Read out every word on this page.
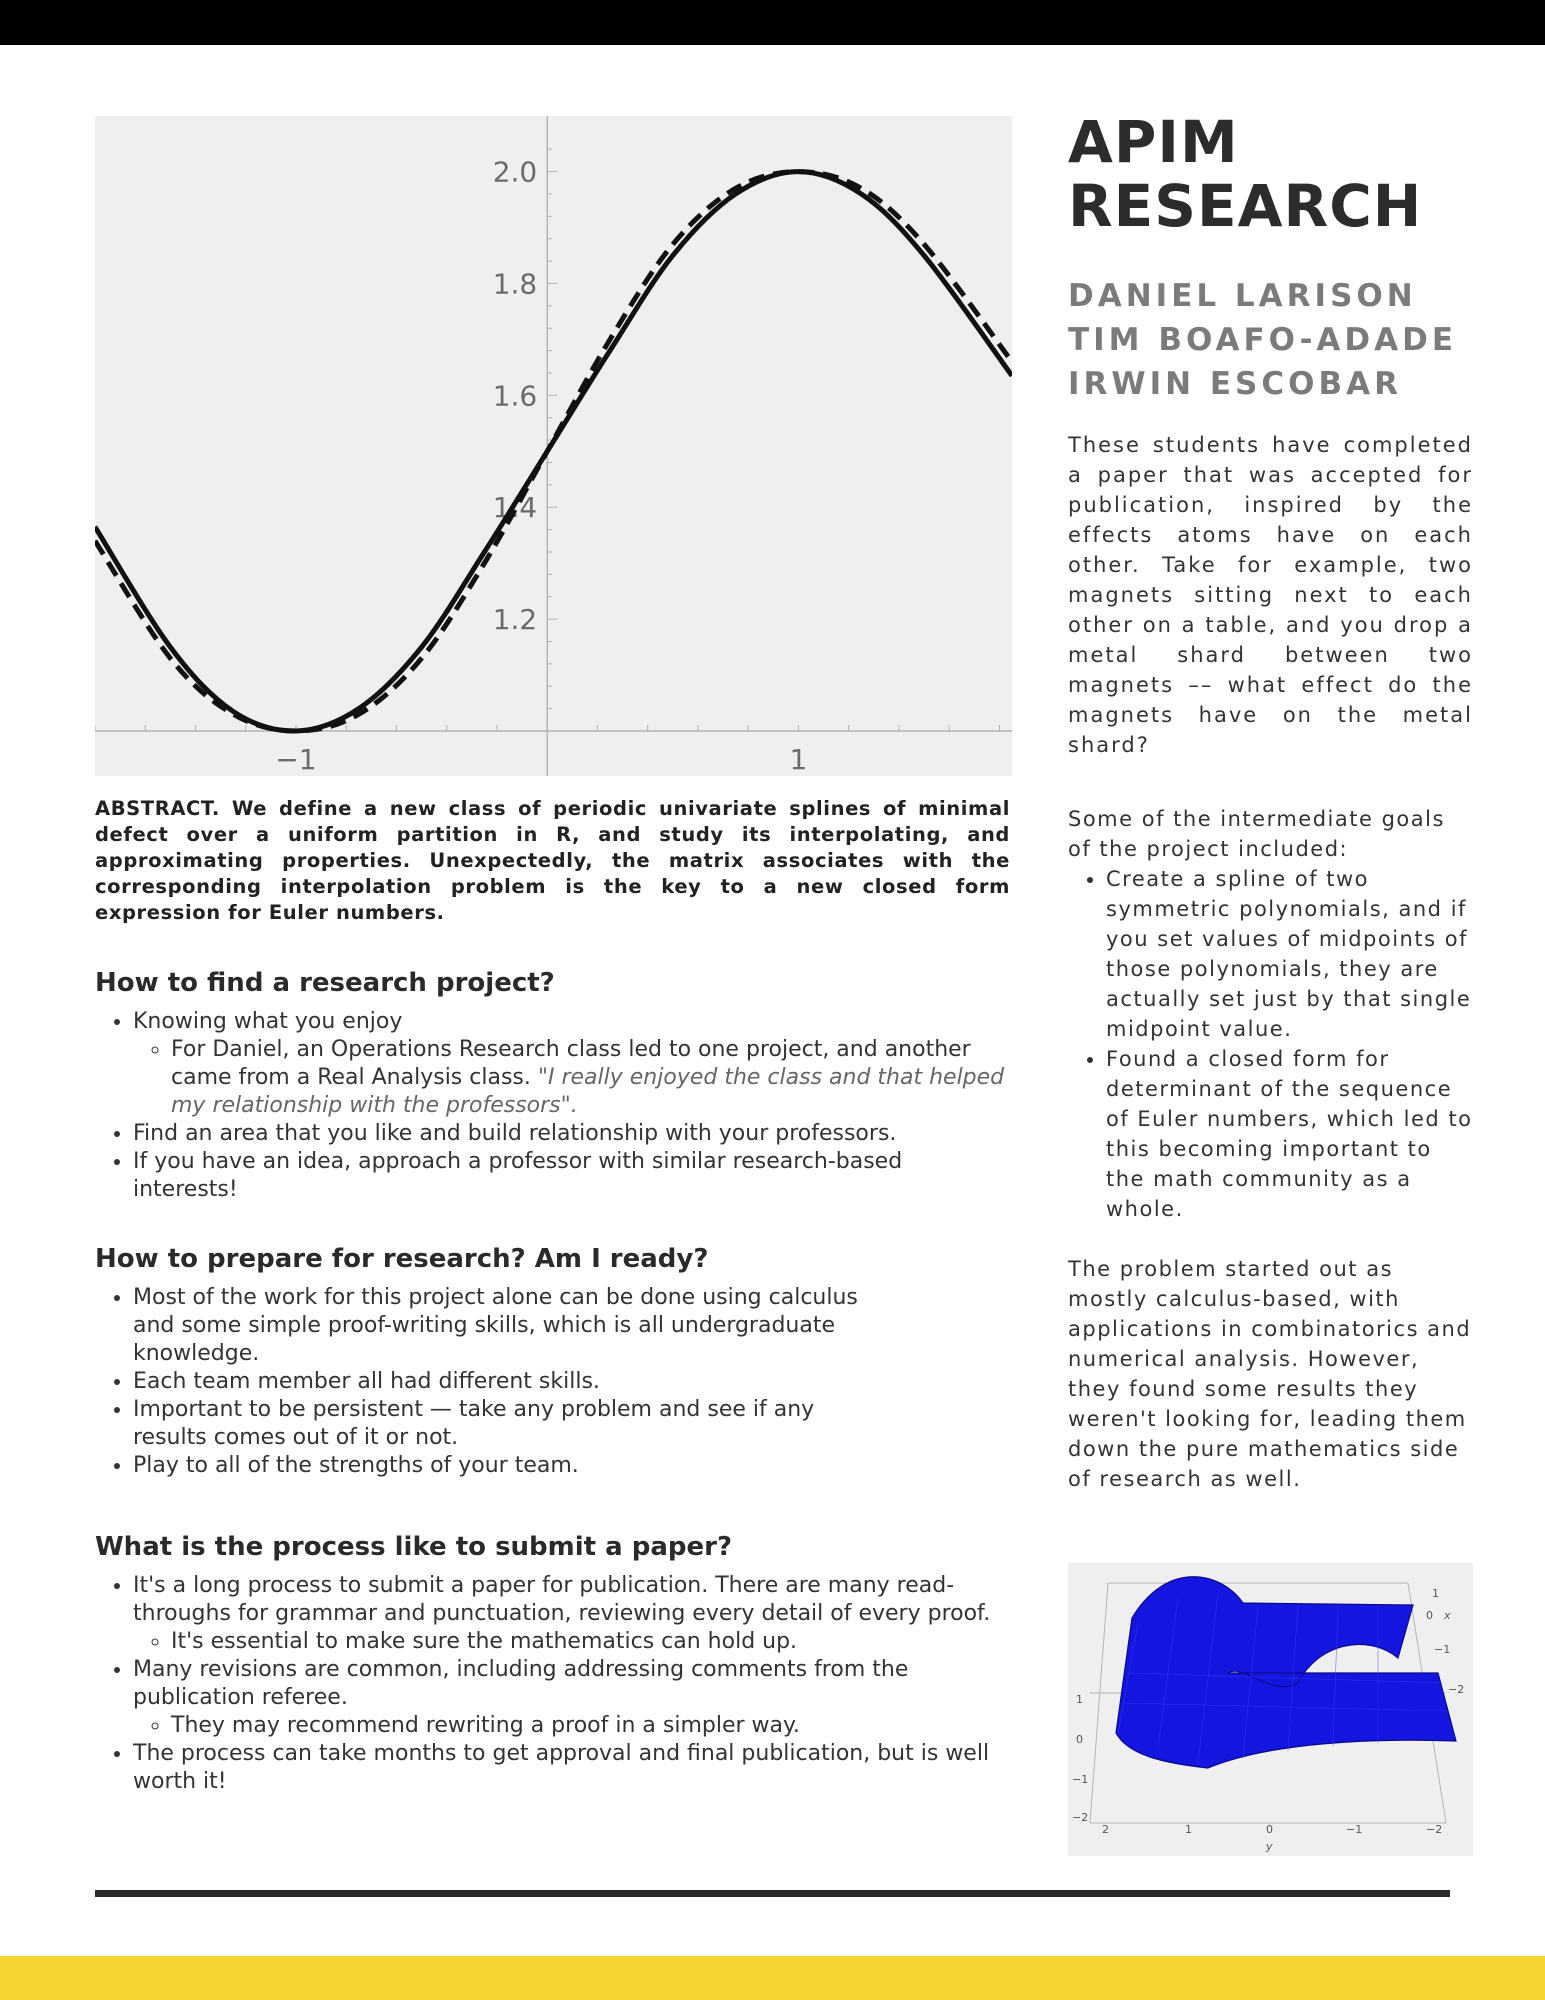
1.2
1.4
1.6
1.8
2.0
−1	1
APIM
RESEARCH
DANIEL LARISON
TIM BOAFO-ADADE
IRWIN ESCOBAR
These students have completed a paper that was accepted for publication, inspired by the effects atoms have on each other. Take for example, two magnets sitting next to each other on a table, and you drop a metal shard between two magnets –– what effect do the magnets have on the metal shard?
Some of the intermediate goals of the project included:
• Create a spline of two symmetric polynomials, and if you set values of midpoints of those polynomials, they are actually set just by that single midpoint value.
• Found a closed form for determinant of the sequence of Euler numbers, which led to this becoming important to the math community as a whole.
The problem started out as mostly calculus-based, with applications in combinatorics and numerical analysis. However, they found some results they weren't looking for, leading them down the pure mathematics side of research as well.
1
0 x
−1
−2
2	1	0	−1	−2
y
1
0
−1
−2
ABSTRACT. We define a new class of periodic univariate splines of minimal defect over a uniform partition in R, and study its interpolating, and approximating properties. Unexpectedly, the matrix associates with the corresponding interpolation problem is the key to a new closed form expression for Euler numbers.
How to find a research project?
• Knowing what you enjoy
◦ For Daniel, an Operations Research class led to one project, and another came from a Real Analysis class. "I really enjoyed the class and that helped my relationship with the professors".
• Find an area that you like and build relationship with your professors.
• If you have an idea, approach a professor with similar research-based interests!
How to prepare for research? Am I ready?
• Most of the work for this project alone can be done using calculus and some simple proof-writing skills, which is all undergraduate knowledge.
• Each team member all had different skills.
• Important to be persistent — take any problem and see if any results comes out of it or not.
• Play to all of the strengths of your team.
What is the process like to submit a paper?
• It's a long process to submit a paper for publication. There are many read-throughs for grammar and punctuation, reviewing every detail of every proof.
◦ It's essential to make sure the mathematics can hold up.
• Many revisions are common, including addressing comments from the publication referee.
◦ They may recommend rewriting a proof in a simpler way.
• The process can take months to get approval and final publication, but is well worth it!
